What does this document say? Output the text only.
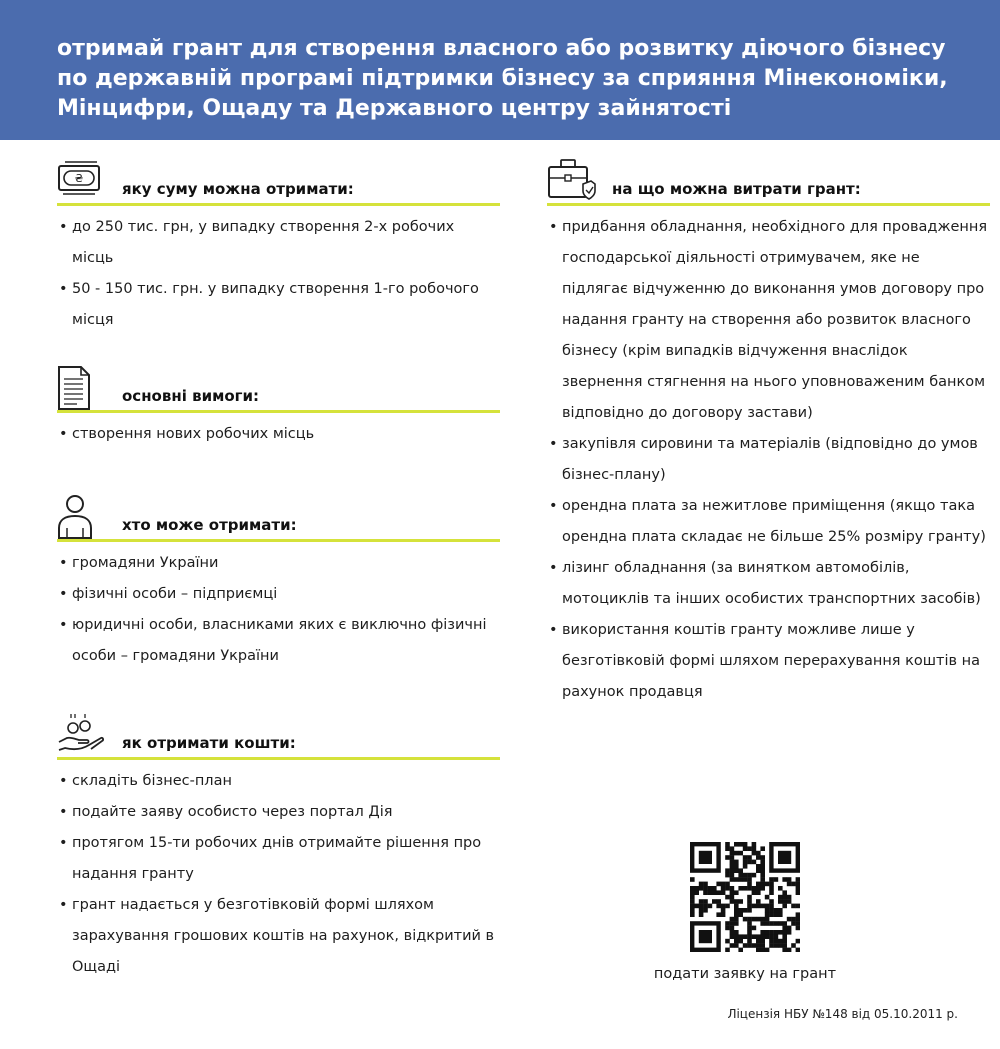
отримай грант для створення власного або розвитку діючого бізнесу по державній програмі підтримки бізнесу за сприяння Мінекономіки, Мінцифри, Ощаду та Державного центру зайнятості
₴
яку суму можна отримати:
• до 250 тис. грн, у випадку створення 2-х робочих місць
• 50 - 150 тис. грн. у випадку створення 1-го робочого місця
основні вимоги:
• створення нових робочих місць
хто може отримати:
• громадяни України
• фізичні особи – підприємці
• юридичні особи, власниками яких є виключно фізичні особи – громадяни України
як отримати кошти:
• складіть бізнес-план
• подайте заяву особисто через портал Дія
• протягом 15-ти робочих днів отримайте рішення про надання гранту
• грант надається у безготівковій формі шляхом зарахування грошових коштів на рахунок, відкритий в Ощаді
на що можна витрати грант:
• придбання обладнання, необхідного для провадження господарської діяльності отримувачем, яке не підлягає відчуженню до виконання умов договору про надання гранту на створення або розвиток власного бізнесу (крім випадків відчуження внаслідок звернення стягнення на нього уповноваженим банком відповідно до договору застави)
• закупівля сировини та матеріалів (відповідно до умов бізнес-плану)
• орендна плата за нежитлове приміщення (якщо така орендна плата складає не більше 25% розміру гранту)
• лізинг обладнання (за винятком автомобілів, мотоциклів та інших особистих транспортних засобів)
• використання коштів гранту можливе лише у безготівковій формі шляхом перерахування коштів на рахунок продавця
подати заявку на грант
Ліцензія НБУ №148 від 05.10.2011 р.
